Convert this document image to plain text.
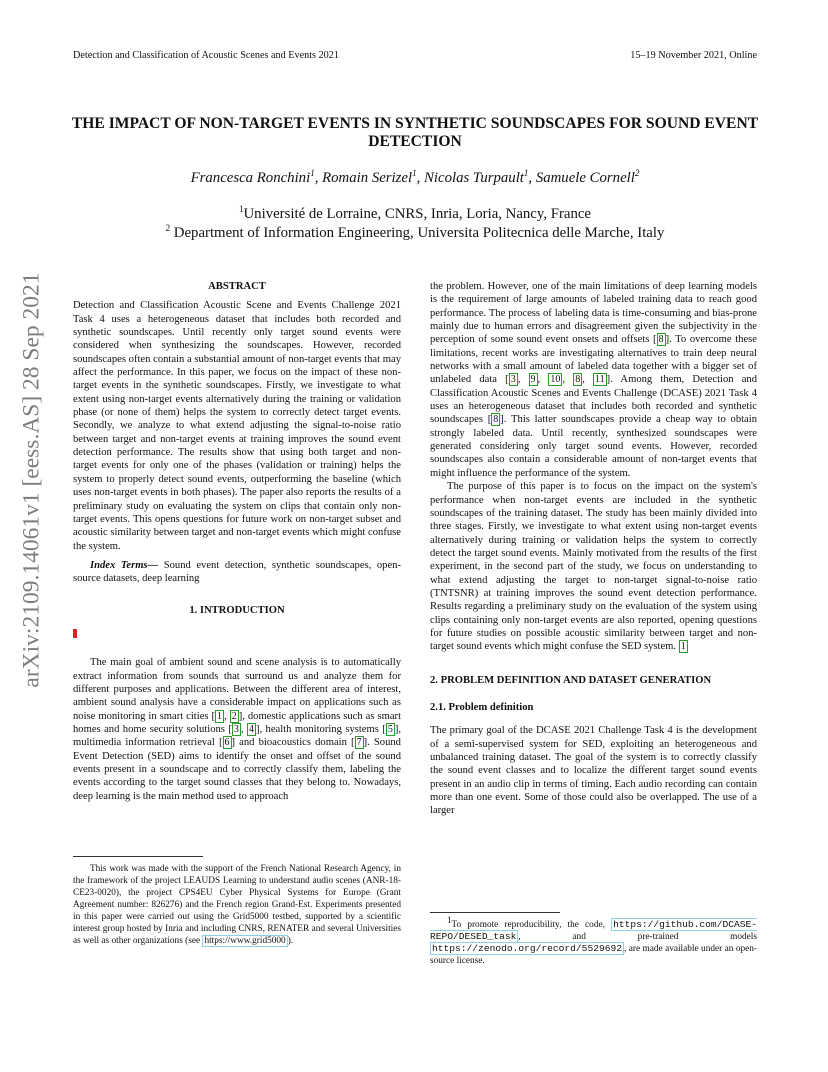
Detection and Classification of Acoustic Scenes and Events 2021	15–19 November 2021, Online
THE IMPACT OF NON-TARGET EVENTS IN SYNTHETIC SOUNDSCAPES FOR SOUND EVENT DETECTION
Francesca Ronchini$^1$, Romain Serizel$^1$, Nicolas Turpault$^1$, Samuele Cornell$^2$
$^1$Université de Lorraine, CNRS, Inria, Loria, Nancy, France
$^2$ Department of Information Engineering, Universita Politecnica delle Marche, Italy
arXiv:2109.14061v1 [eess.AS] 28 Sep 2021	ABSTRACT

Detection and Classification Acoustic Scene and Events Challenge 2021 Task 4 uses a heterogeneous dataset that includes both recorded and synthetic soundscapes. Until recently only target sound events were considered when synthesizing the soundscapes. However, recorded soundscapes often contain a substantial amount of non-target events that may affect the performance. In this paper, we focus on the impact of these non-target events in the synthetic soundscapes. Firstly, we investigate to what extent using non-target events alternatively during the training or validation phase (or none of them) helps the system to correctly detect target events. Secondly, we analyze to what extend adjusting the signal-to-noise ratio between target and non-target events at training improves the sound event detection performance. The results show that using both target and non-target events for only one of the phases (validation or training) helps the system to properly detect sound events, outperforming the baseline (which uses non-target events in both phases). The paper also reports the results of a preliminary study on evaluating the system on clips that contain only non-target events. This opens questions for future work on non-target subset and acoustic similarity between target and non-target events which might confuse the system.

Index Terms— Sound event detection, synthetic soundscapes, open-source datasets, deep learning

1. INTRODUCTION

The main goal of ambient sound and scene analysis is to automatically extract information from sounds that surround us and analyze them for different purposes and applications. Between the different area of interest, ambient sound analysis have a considerable impact on applications such as noise monitoring in smart cities [ 1 , 2 ], domestic applications such as smart homes and home security solutions [ 3 , 4 ], health monitoring systems [ 5 ], multimedia information retrieval [ 6 ] and bioacoustics domain [ 7 ]. Sound Event Detection (SED) aims to identify the onset and offset of the sound events present in a soundscape and to correctly classify them, labeling the events according to the target sound classes that they belong to. Nowadays, deep learning is the main method used to approach

This work was made with the support of the French National Research Agency, in the framework of the project LEAUDS Learning to understand audio scenes (ANR-18-CE23-0020), the project CPS4EU Cyber Physical Systems for Europe (Grant Agreement number: 826276) and the French region Grand-Est. Experiments presented in this paper were carried out using the Grid5000 testbed, supported by a scientific interest group hosted by Inria and including CNRS, RENATER and several Universities as well as other organizations (see https://www.grid5000 ).

the problem. However, one of the main limitations of deep learning models is the requirement of large amounts of labeled training data to reach good performance. The process of labeling data is time-consuming and bias-prone mainly due to human errors and disagreement given the subjectivity in the perception of some sound event onsets and offsets [ 8 ]. To overcome these limitations, recent works are investigating alternatives to train deep neural networks with a small amount of labeled data together with a bigger set of unlabeled data [ 3 , 9 , 10 , 8 , 11 ]. Among them, Detection and Classification Acoustic Scenes and Events Challenge (DCASE) 2021 Task 4 uses an heterogeneous dataset that includes both recorded and synthetic soundscapes [ 8 ]. This latter soundscapes provide a cheap way to obtain strongly labeled data. Until recently, synthesized soundscapes were generated considering only target sound events. However, recorded soundscapes also contain a considerable amount of non-target events that might influence the performance of the system.

The purpose of this paper is to focus on the impact on the system's performance when non-target events are included in the synthetic soundscapes of the training dataset. The study has been mainly divided into three stages. Firstly, we investigate to what extent using non-target events alternatively during training or validation helps the system to correctly detect the target sound events. Mainly motivated from the results of the first experiment, in the second part of the study, we focus on understanding to what extend adjusting the target to non-target signal-to-noise ratio (TNTSNR) at training improves the sound event detection performance. Results regarding a preliminary study on the evaluation of the system using clips containing only non-target events are also reported, opening questions for future studies on possible acoustic similarity between target and non-target sound events which might confuse the SED system. 1

2. PROBLEM DEFINITION AND DATASET GENERATION
2.1. Problem definition

The primary goal of the DCASE 2021 Challenge Task 4 is the development of a semi-supervised system for SED, exploiting an heterogeneous and unbalanced training dataset. The goal of the system is to correctly classify the sound event classes and to localize the different target sound events present in an audio clip in terms of timing. Each audio recording can contain more than one event. Some of those could also be overlapped. The use of a larger

$^1$To promote reproducibility, the code, https://github.com/DCASE-REPO/DESED_task , and pre-trained models https://zenodo.org/record/5529692 , are made available under an open-source license.
